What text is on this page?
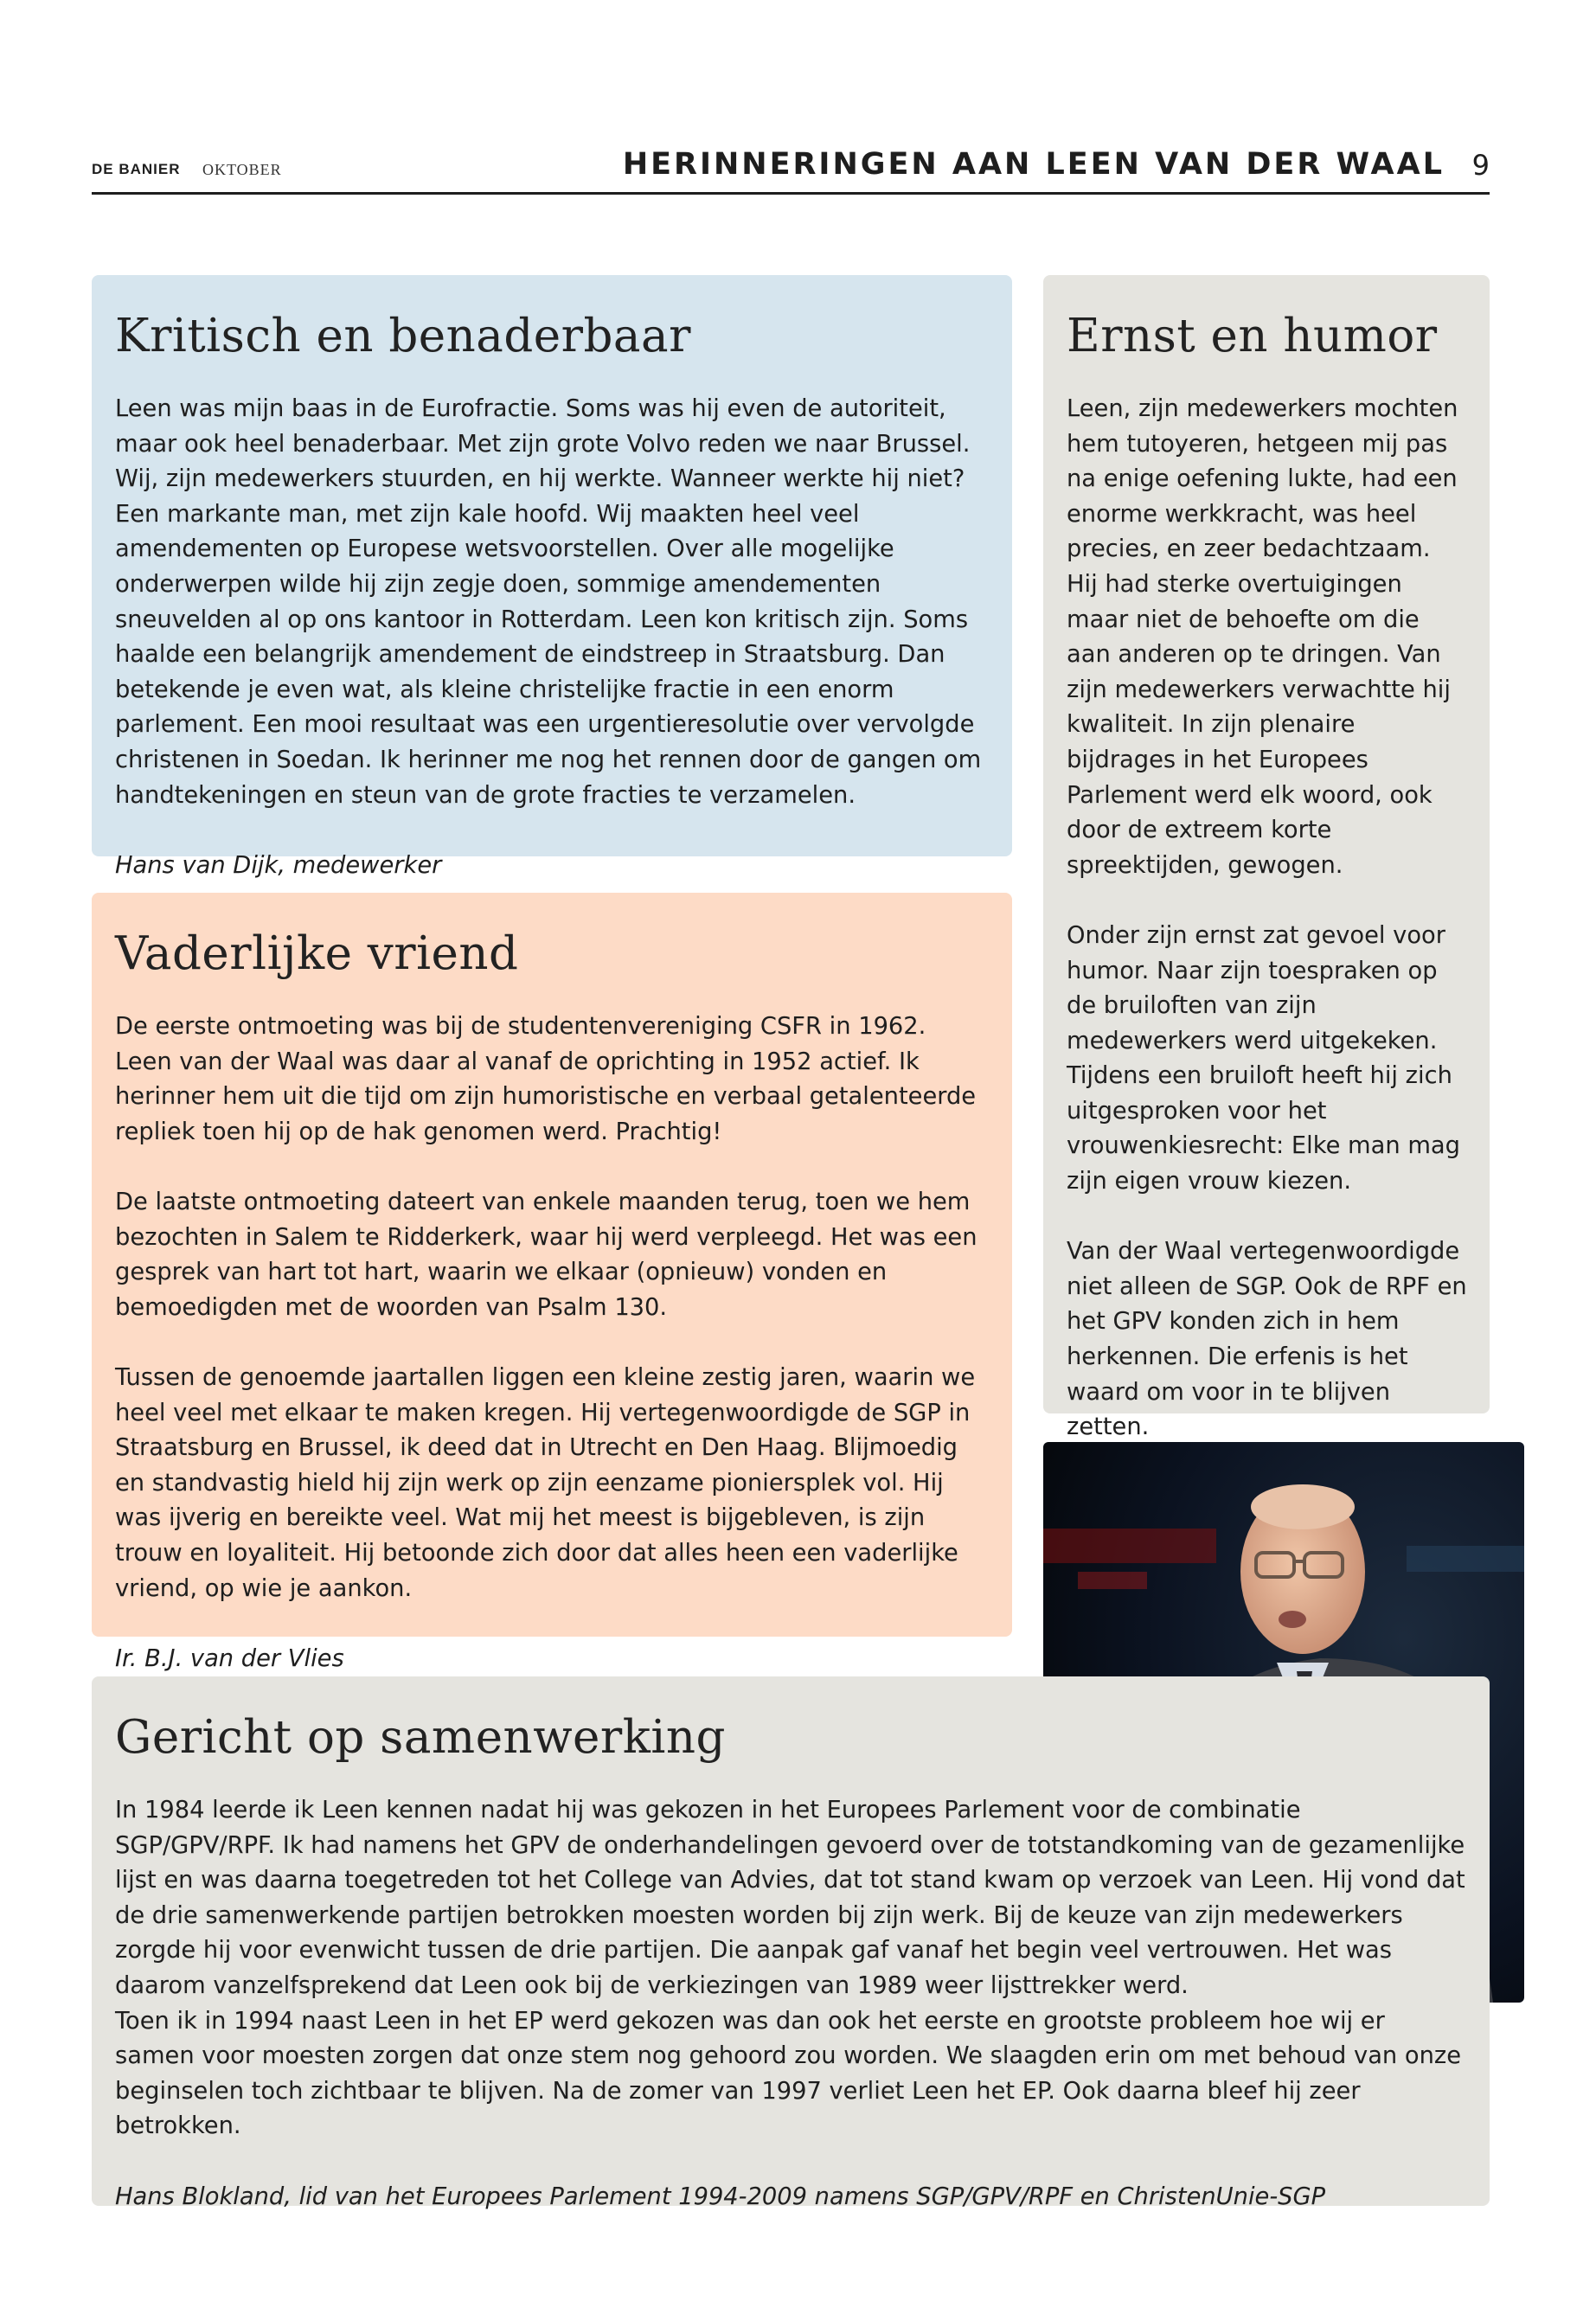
DE BANIER OKTOBER	HERINNERINGEN AAN LEEN VAN DER WAAL 9
Kritisch en benaderbaar

Leen was mijn baas in de Eurofractie. Soms was hij even de autoriteit, maar ook heel benaderbaar. Met zijn grote Volvo reden we naar Brussel. Wij, zijn medewerkers stuurden, en hij werkte. Wanneer werkte hij niet? Een markante man, met zijn kale hoofd. Wij maakten heel veel amendementen op Europese wetsvoorstellen. Over alle mogelijke onderwerpen wilde hij zijn zegje doen, sommige amendementen sneuvelden al op ons kantoor in Rotterdam. Leen kon kritisch zijn. Soms haalde een belangrijk amendement de eindstreep in Straatsburg. Dan betekende je even wat, als kleine christelijke fractie in een enorm parlement. Een mooi resultaat was een urgentieresolutie over vervolgde christenen in Soedan. Ik herinner me nog het rennen door de gangen om handtekeningen en steun van de grote fracties te verzamelen.

Hans van Dijk, medewerker

Ernst en humor

Leen, zijn medewerkers mochten hem tutoyeren, hetgeen mij pas na enige oefening lukte, had een enorme werkkracht, was heel precies, en zeer bedachtzaam. Hij had sterke overtuigingen maar niet de behoefte om die aan anderen op te dringen. Van zijn medewerkers verwachtte hij kwaliteit. In zijn plenaire bijdrages in het Europees Parlement werd elk woord, ook door de extreem korte spreektijden, gewogen.

Onder zijn ernst zat gevoel voor humor. Naar zijn toespraken op de bruiloften van zijn medewerkers werd uitgekeken. Tijdens een bruiloft heeft hij zich uitgesproken voor het vrouwenkiesrecht: Elke man mag zijn eigen vrouw kiezen.

Van der Waal vertegenwoordigde niet alleen de SGP. Ook de RPF en het GPV konden zich in hem herkennen. Die erfenis is het waard om voor in te blijven zetten.

Vaderlijke vriend

De eerste ontmoeting was bij de studentenvereniging CSFR in 1962. Leen van der Waal was daar al vanaf de oprichting in 1952 actief. Ik herinner hem uit die tijd om zijn humoristische en verbaal getalenteerde repliek toen hij op de hak genomen werd. Prachtig!

De laatste ontmoeting dateert van enkele maanden terug, toen we hem bezochten in Salem te Ridderkerk, waar hij werd verpleegd. Het was een gesprek van hart tot hart, waarin we elkaar (opnieuw) vonden en bemoedigden met de woorden van Psalm 130.

Tussen de genoemde jaartallen liggen een kleine zestig jaren, waarin we heel veel met elkaar te maken kregen. Hij vertegenwoordigde de SGP in Straatsburg en Brussel, ik deed dat in Utrecht en Den Haag. Blijmoedig en standvastig hield hij zijn werk op zijn eenzame pioniersplek vol. Hij was ijverig en bereikte veel. Wat mij het meest is bijgebleven, is zijn trouw en loyaliteit. Hij betoonde zich door dat alles heen een vaderlijke vriend, op wie je aankon.

Ir. B.J. van der Vlies

Gericht op samenwerking

In 1984 leerde ik Leen kennen nadat hij was gekozen in het Europees Parlement voor de combinatie SGP/GPV/RPF. Ik had namens het GPV de onderhandelingen gevoerd over de totstandkoming van de gezamenlijke lijst en was daarna toegetreden tot het College van Advies, dat tot stand kwam op verzoek van Leen. Hij vond dat de drie samenwerkende partijen betrokken moesten worden bij zijn werk. Bij de keuze van zijn medewerkers zorgde hij voor evenwicht tussen de drie partijen. Die aanpak gaf vanaf het begin veel vertrouwen. Het was daarom vanzelfsprekend dat Leen ook bij de verkiezingen van 1989 weer lijsttrekker werd.

Toen ik in 1994 naast Leen in het EP werd gekozen was dan ook het eerste en grootste probleem hoe wij er samen voor moesten zorgen dat onze stem nog gehoord zou worden. We slaagden erin om met behoud van onze beginselen toch zichtbaar te blijven. Na de zomer van 1997 verliet Leen het EP. Ook daarna bleef hij zeer betrokken.

Hans Blokland, lid van het Europees Parlement 1994-2009 namens SGP/GPV/RPF en ChristenUnie-SGP
